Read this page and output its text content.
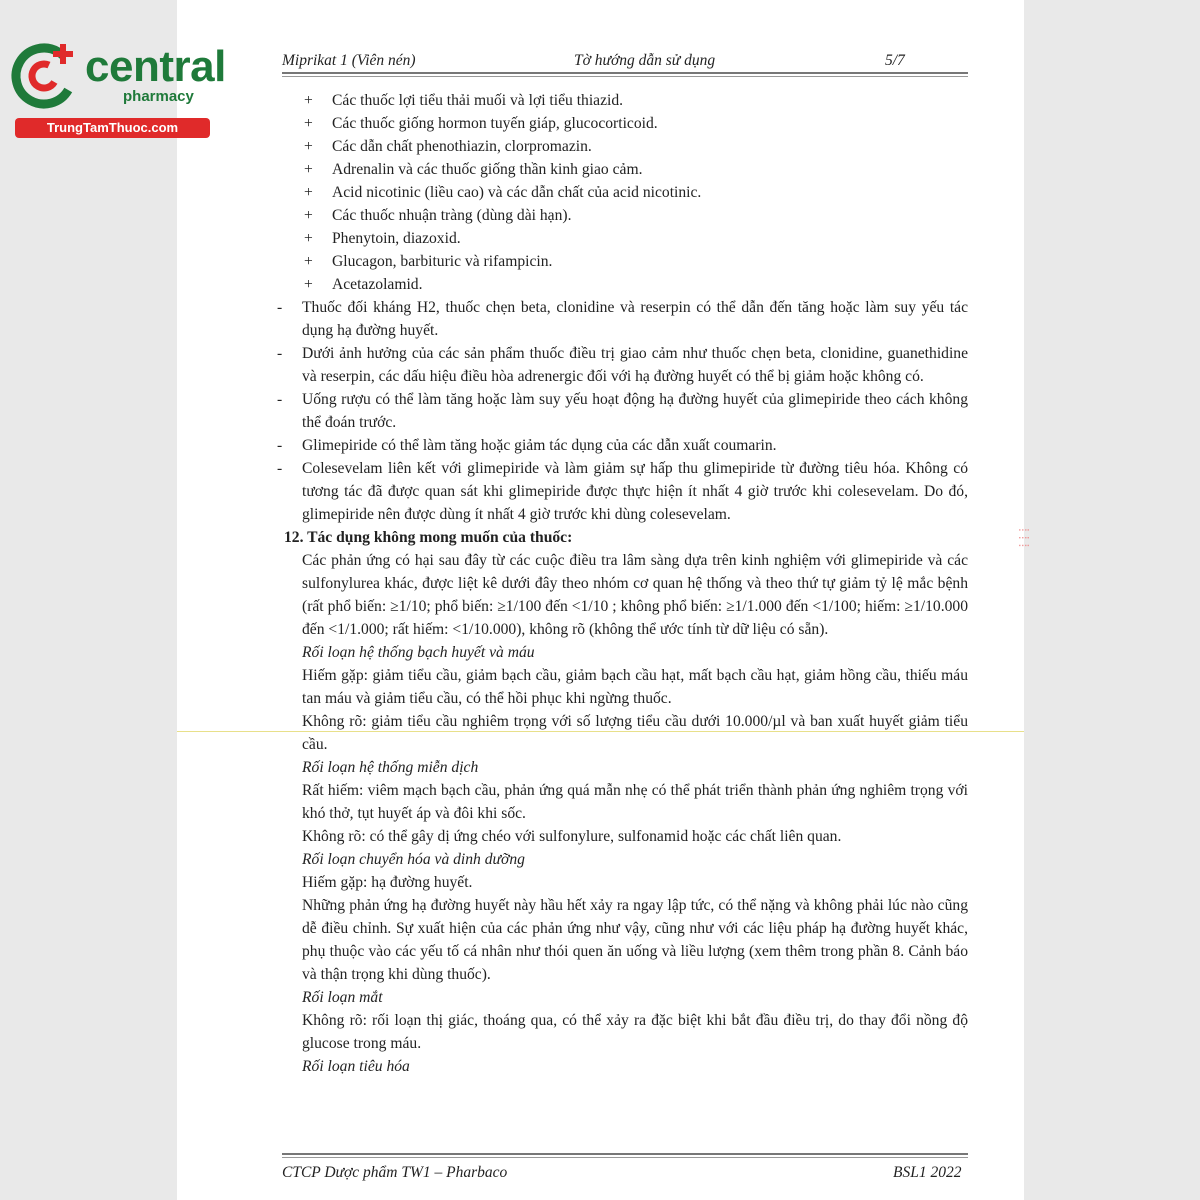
central
pharmacy
TrungTamThuoc.com
Miprikat 1 (Viên nén)	Tờ hướng dẫn sử dụng	5/7

+ Các thuốc lợi tiểu thải muối và lợi tiểu thiazid.

+ Các thuốc giống hormon tuyến giáp, glucocorticoid.

+ Các dẫn chất phenothiazin, clorpromazin.

+ Adrenalin và các thuốc giống thần kinh giao cảm.

+ Acid nicotinic (liều cao) và các dẫn chất của acid nicotinic.

+ Các thuốc nhuận tràng (dùng dài hạn).

+ Phenytoin, diazoxid.

+ Glucagon, barbituric và rifampicin.

+ Acetazolamid.

- Thuốc đối kháng H2, thuốc chẹn beta, clonidine và reserpin có thể dẫn đến tăng hoặc làm suy yếu tác dụng hạ đường huyết.

- Dưới ảnh hưởng của các sản phẩm thuốc điều trị giao cảm như thuốc chẹn beta, clonidine, guanethidine và reserpin, các dấu hiệu điều hòa adrenergic đối với hạ đường huyết có thể bị giảm hoặc không có.

- Uống rượu có thể làm tăng hoặc làm suy yếu hoạt động hạ đường huyết của glimepiride theo cách không thể đoán trước.

- Glimepiride có thể làm tăng hoặc giảm tác dụng của các dẫn xuất coumarin.

- Colesevelam liên kết với glimepiride và làm giảm sự hấp thu glimepiride từ đường tiêu hóa. Không có tương tác đã được quan sát khi glimepiride được thực hiện ít nhất 4 giờ trước khi colesevelam. Do đó, glimepiride nên được dùng ít nhất 4 giờ trước khi dùng colesevelam.

12. Tác dụng không mong muốn của thuốc:

Các phản ứng có hại sau đây từ các cuộc điều tra lâm sàng dựa trên kinh nghiệm với glimepiride và các sulfonylurea khác, được liệt kê dưới đây theo nhóm cơ quan hệ thống và theo thứ tự giảm tỷ lệ mắc bệnh (rất phổ biến: ≥1/10; phổ biến: ≥1/100 đến <1/10 ; không phổ biến: ≥1/1.000 đến <1/100; hiếm: ≥1/10.000 đến <1/1.000; rất hiếm: <1/10.000), không rõ (không thể ước tính từ dữ liệu có sẵn).

Rối loạn hệ thống bạch huyết và máu

Hiếm gặp: giảm tiểu cầu, giảm bạch cầu, giảm bạch cầu hạt, mất bạch cầu hạt, giảm hồng cầu, thiếu máu tan máu và giảm tiểu cầu, có thể hồi phục khi ngừng thuốc.

Không rõ: giảm tiểu cầu nghiêm trọng với số lượng tiểu cầu dưới 10.000/µl và ban xuất huyết giảm tiểu cầu.

Rối loạn hệ thống miễn dịch

Rất hiếm: viêm mạch bạch cầu, phản ứng quá mẫn nhẹ có thể phát triển thành phản ứng nghiêm trọng với khó thở, tụt huyết áp và đôi khi sốc.

Không rõ: có thể gây dị ứng chéo với sulfonylure, sulfonamid hoặc các chất liên quan.

Rối loạn chuyển hóa và dinh dưỡng

Hiếm gặp: hạ đường huyết.

Những phản ứng hạ đường huyết này hầu hết xảy ra ngay lập tức, có thể nặng và không phải lúc nào cũng dễ điều chỉnh. Sự xuất hiện của các phản ứng như vậy, cũng như với các liệu pháp hạ đường huyết khác, phụ thuộc vào các yếu tố cá nhân như thói quen ăn uống và liều lượng (xem thêm trong phần 8. Cảnh báo và thận trọng khi dùng thuốc).

Rối loạn mắt

Không rõ: rối loạn thị giác, thoáng qua, có thể xảy ra đặc biệt khi bắt đầu điều trị, do thay đổi nồng độ glucose trong máu.

Rối loạn tiêu hóa

⁞ ⁞ ⁞
CTCP Dược phẩm TW1 – Pharbaco	BSL1 2022
